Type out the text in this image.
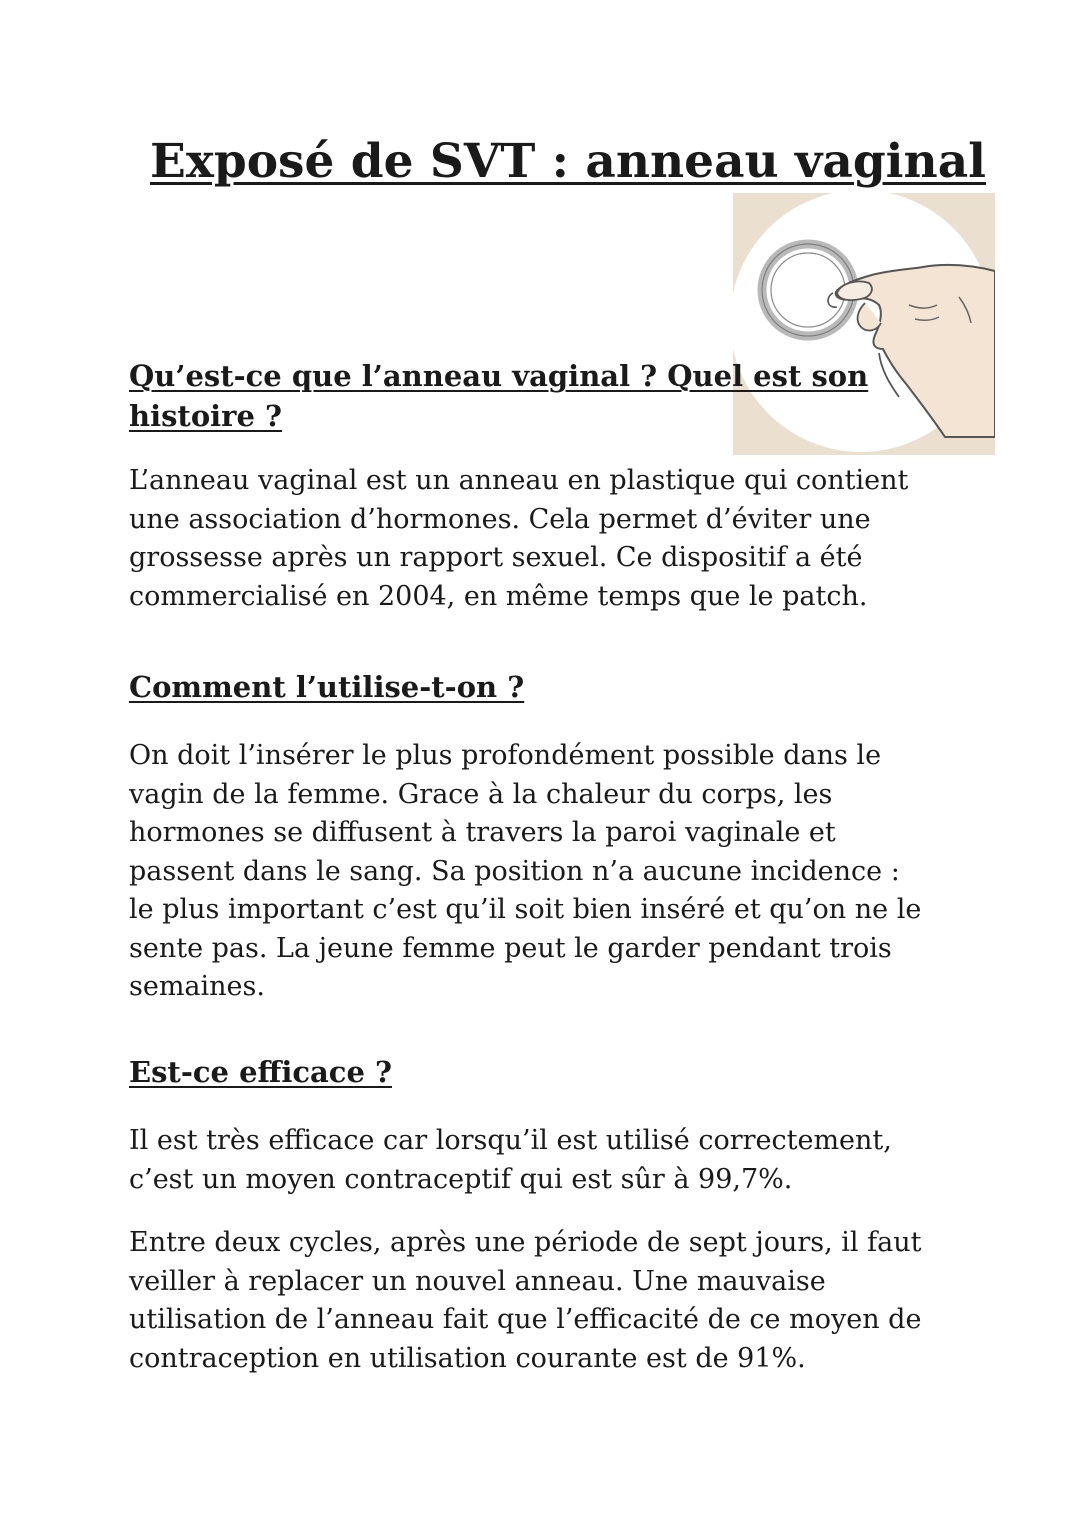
Exposé de SVT : anneau vaginal
Qu’est-ce que l’anneau vaginal ? Quel est son histoire ?

L’anneau vaginal est un anneau en plastique qui contient une association d’hormones. Cela permet d’éviter une grossesse après un rapport sexuel. Ce dispositif a été commercialisé en 2004, en même temps que le patch.

Comment l’utilise-t-on ?

On doit l’insérer le plus profondément possible dans le vagin de la femme. Grace à la chaleur du corps, les hormones se diffusent à travers la paroi vaginale et passent dans le sang. Sa position n’a aucune incidence : le plus important c’est qu’il soit bien inséré et qu’on ne le sente pas. La jeune femme peut le garder pendant trois semaines.

Est-ce efficace ?

Il est très efficace car lorsqu’il est utilisé correctement, c’est un moyen contraceptif qui est sûr à 99,7%.

Entre deux cycles, après une période de sept jours, il faut veiller à replacer un nouvel anneau. Une mauvaise utilisation de l’anneau fait que l’efficacité de ce moyen de contraception en utilisation courante est de 91%.
